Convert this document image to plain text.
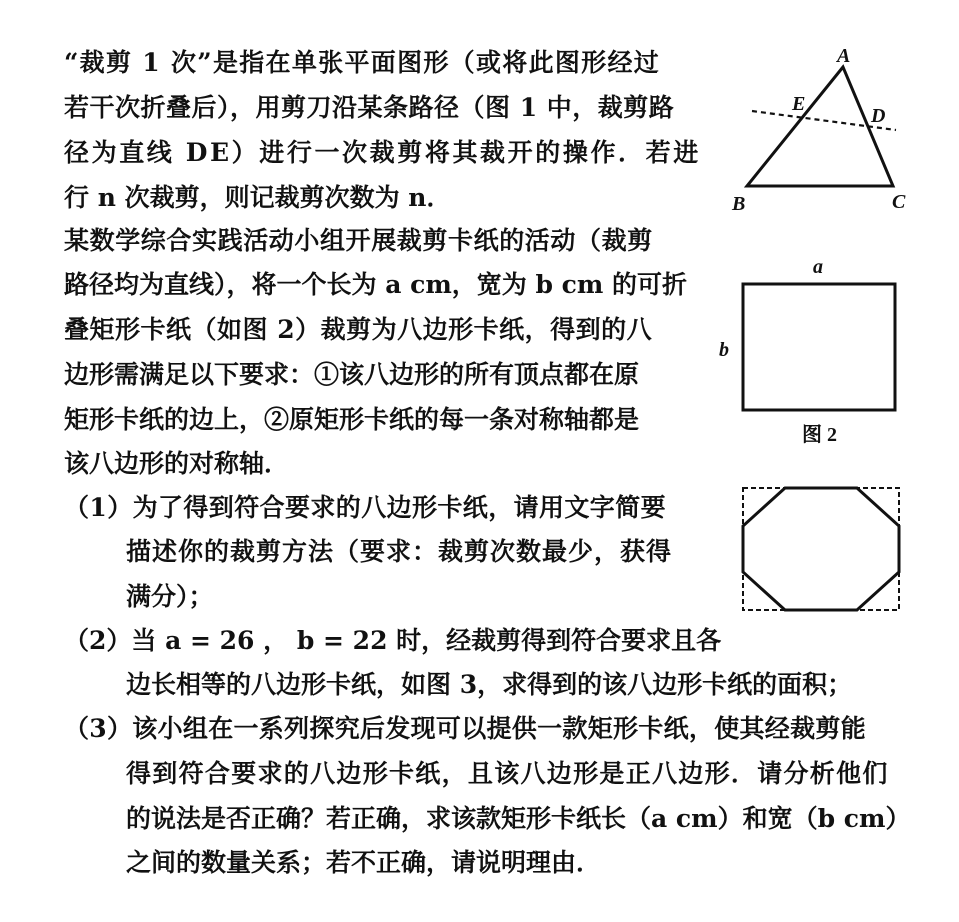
“裁剪 1 次”是指在单张平面图形（或将此图形经过
若干次折叠后），用剪刀沿某条路径（图 1 中，裁剪路
径为直线 DE）进行一次裁剪将其裁开的操作．若进
行 n 次裁剪，则记裁剪次数为 n．
某数学综合实践活动小组开展裁剪卡纸的活动（裁剪
路径均为直线），将一个长为 a cm，宽为 b cm 的可折
叠矩形卡纸（如图 2）裁剪为八边形卡纸，得到的八
边形需满足以下要求：①该八边形的所有顶点都在原
矩形卡纸的边上，②原矩形卡纸的每一条对称轴都是
该八边形的对称轴．
（1）为了得到符合要求的八边形卡纸，请用文字简要
描述你的裁剪方法（要求：裁剪次数最少，获得
满分）；
（2）当 a = 26 ， b = 22 时，经裁剪得到符合要求且各
边长相等的八边形卡纸，如图 3，求得到的该八边形卡纸的面积；
（3）该小组在一系列探究后发现可以提供一款矩形卡纸，使其经裁剪能
得到符合要求的八边形卡纸，且该八边形是正八边形．请分析他们
的说法是否正确？若正确，求该款矩形卡纸长（a cm）和宽（b cm）
之间的数量关系；若不正确，请说明理由．
A
B	C
D
E
a
b
图 2
